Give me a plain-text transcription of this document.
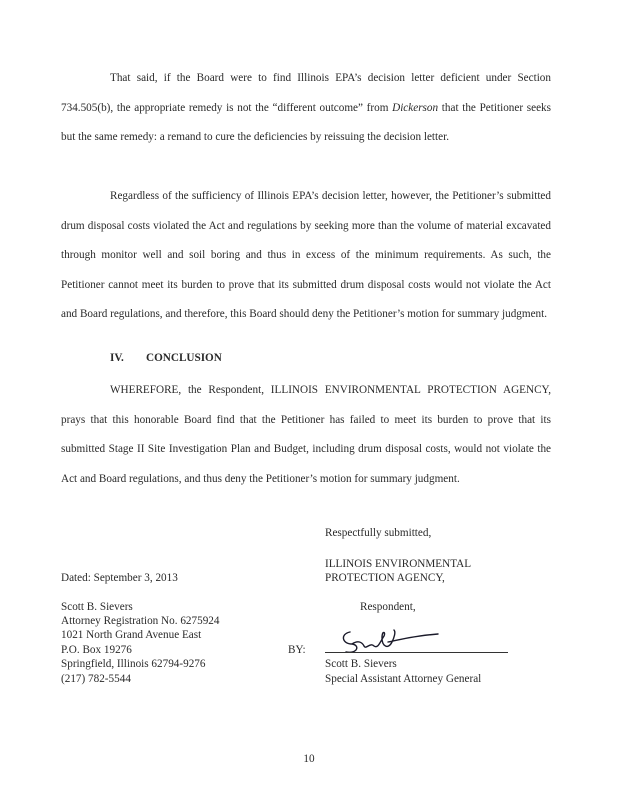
That said, if the Board were to find Illinois EPA’s decision letter deficient under Section 734.505(b), the appropriate remedy is not the “different outcome” from Dickerson that the Petitioner seeks but the same remedy: a remand to cure the deficiencies by reissuing the decision letter.

Regardless of the sufficiency of Illinois EPA’s decision letter, however, the Petitioner’s submitted drum disposal costs violated the Act and regulations by seeking more than the volume of material excavated through monitor well and soil boring and thus in excess of the minimum requirements. As such, the Petitioner cannot meet its burden to prove that its submitted drum disposal costs would not violate the Act and Board regulations, and therefore, this Board should deny the Petitioner’s motion for summary judgment.

IV. CONCLUSION

WHEREFORE, the Respondent, ILLINOIS ENVIRONMENTAL PROTECTION AGENCY, prays that this honorable Board find that the Petitioner has failed to meet its burden to prove that its submitted Stage II Site Investigation Plan and Budget, including drum disposal costs, would not violate the Act and Board regulations, and thus deny the Petitioner’s motion for summary judgment.

Respectfully submitted,
ILLINOIS ENVIRONMENTAL
PROTECTION AGENCY,
Dated: September 3, 2013
Scott B. Sievers
Attorney Registration No. 6275924
1021 North Grand Avenue East
P.O. Box 19276
Springfield, Illinois 62794-9276
(217) 782-5544
Respondent,
BY:
Scott B. Sievers
Special Assistant Attorney General
10
